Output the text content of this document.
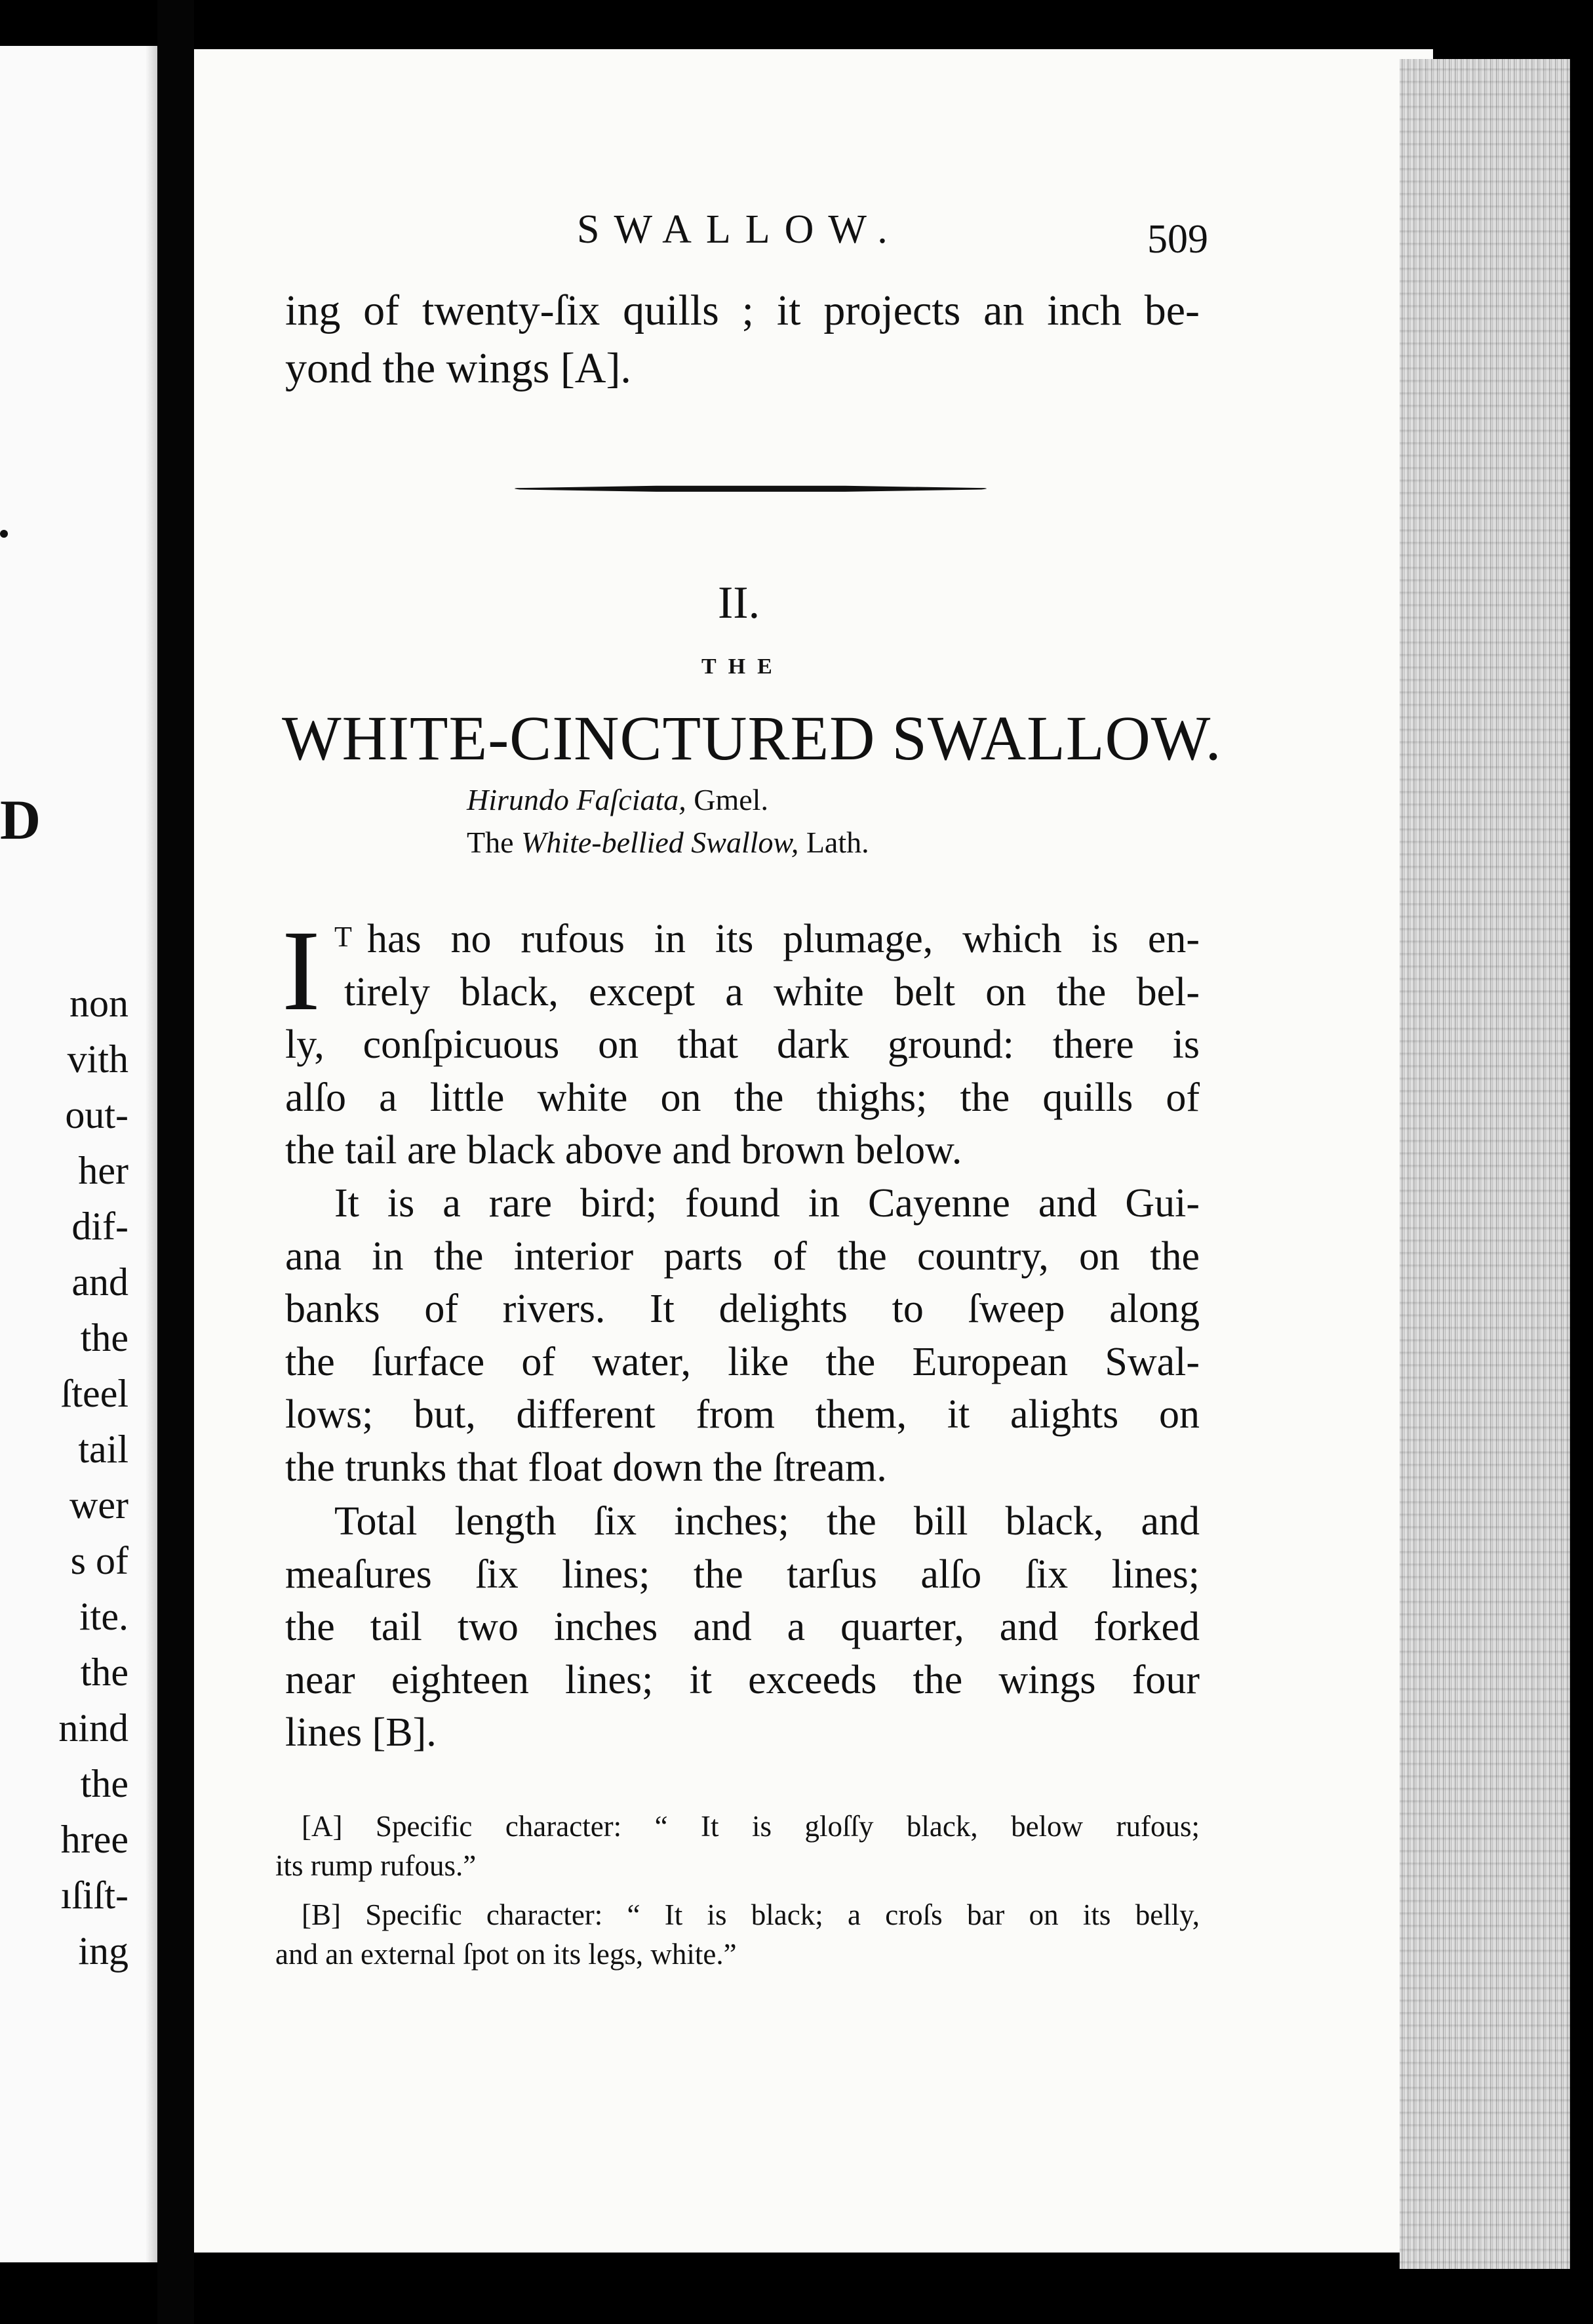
D
non
vith
out-
her
dif-
and
the
ſteel
tail
wer
s of
ite.
the
nind
the
hree
ıſiſt-
ing
SWALLOW.	509
ing of twenty-ſix quills ; it projects an inch be-
yond the wings [A].
II.
THE
WHITE-CINCTURED SWALLOW.
Hirundo Faſciata, Gmel.
The White-bellied Swallow, Lath.
I T has no rufous in its plumage, which is en-
tirely black, except a white belt on the bel-
ly, conſpicuous on that dark ground: there is
alſo a little white on the thighs; the quills of
the tail are black above and brown below.
It is a rare bird; found in Cayenne and Gui-
ana in the interior parts of the country, on the
banks of rivers. It delights to ſweep along
the ſurface of water, like the European Swal-
lows; but, different from them, it alights on
the trunks that float down the ſtream.
Total length ſix inches; the bill black, and
meaſures ſix lines; the tarſus alſo ſix lines;
the tail two inches and a quarter, and forked
near eighteen lines; it exceeds the wings four
lines [B].
[A] Specific character: “ It is gloſſy black, below rufous;
its rump rufous.”
[B] Specific character: “ It is black; a croſs bar on its belly,
and an external ſpot on its legs, white.”
